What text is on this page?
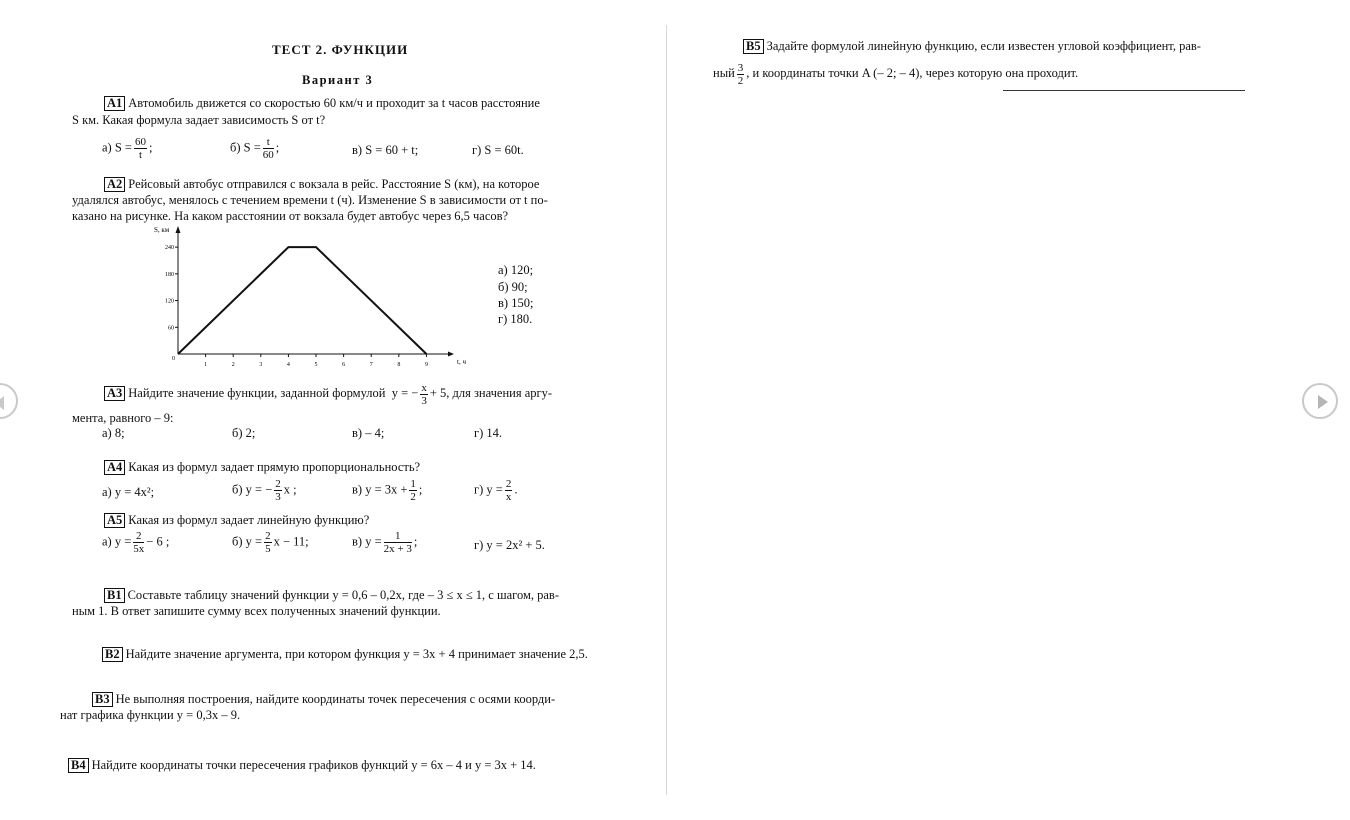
ТЕСТ 2. ФУНКЦИИ
Вариант 3
A1 Автомобиль движется со скоростью 60 км/ч и проходит за t часов расстояние
S км. Какая формула задает зависимость S от t?
а) $S = \frac{60}{t}$ ;	б) $S = \frac{t}{60}$ ;	в) S = 60 + t;	г) S = 60t.
A2 Рейсовый автобус отправился с вокзала в рейс. Расстояние S (км), на которое
удалялся автобус, менялось с течением времени t (ч). Изменение S в зависимости от t по-
казано на рисунке. На каком расстоянии от вокзала будет автобус через 6,5 часов?
1	2	3	4	5	6	7	8	9
0
60
120
180
240
S, км
t, ч
а) 120;
б) 90;
в) 150;
г) 180.
A3 Найдите значение функции, заданной формулой y = − $\frac{x}{3} + 5$, для значения аргу-
мента, равного – 9:
а) 8;	б) 2;	в) – 4;	г) 14.
A4 Какая из формул задает прямую пропорциональность?
а) y = 4x²;	б) y = − $\frac{2}{3}$ x ;	в) $y = 3x + \frac{1}{2}$ ;	г) $y = \frac{2}{x}$ .
A5 Какая из формул задает линейную функцию?
а) $y = \frac{2}{5x} - 6$ ;	б) $y = \frac{2}{5}$ x − 11;	в) $y = \frac{1}{2x + 3}$ ;	г) y = 2x² + 5.
B1 Составьте таблицу значений функции y = 0,6 – 0,2x, где – 3 ≤ x ≤ 1, с шагом, рав-
ным 1. В ответ запишите сумму всех полученных значений функции.
B2 Найдите значение аргумента, при котором функция y = 3x + 4 принимает значение 2,5.
B3 Не выполняя построения, найдите координаты точек пересечения с осями коорди-
нат графика функции y = 0,3x – 9.
B4 Найдите координаты точки пересечения графиков функций y = 6x – 4 и y = 3x + 14.
B5 Задайте формулой линейную функцию, если известен угловой коэффициент, рав-
ный $\frac{3}{2}$ , и координаты точки A (– 2; – 4), через которую она проходит.
